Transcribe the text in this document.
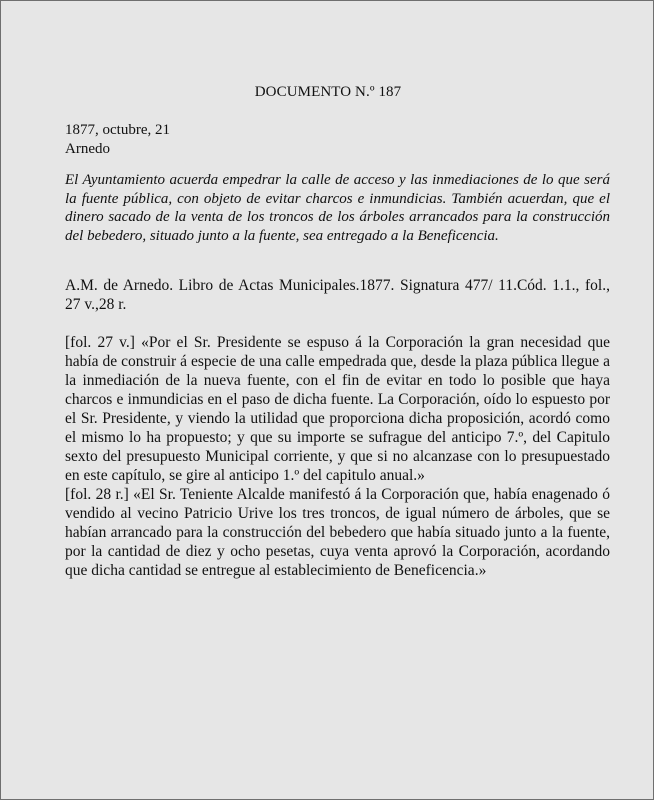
DOCUMENTO N.º 187
1877, octubre, 21
Arnedo
El Ayuntamiento acuerda empedrar la calle de acceso y las inmediaciones de lo que será la fuente pública, con objeto de evitar charcos e inmundicias. También acuerdan, que el dinero sacado de la venta de los troncos de los árboles arrancados para la construcción del bebedero, situado junto a la fuente, sea entregado a la Beneficencia.
A.M. de Arnedo. Libro de Actas Municipales.1877. Signatura 477/ 11.Cód. 1.1., fol., 27 v.,28 r.

[fol. 27 v.] «Por el Sr. Presidente se espuso á la Corporación la gran necesidad que había de construir á especie de una calle empedrada que, desde la plaza pública llegue a la inmediación de la nueva fuente, con el fin de evitar en todo lo posible que haya charcos e inmundicias en el paso de dicha fuente. La Corporación, oído lo espuesto por el Sr. Presidente, y viendo la utilidad que proporciona dicha proposición, acordó como el mismo lo ha propuesto; y que su importe se sufrague del anticipo 7.º, del Capitulo sexto del presupuesto Municipal corriente, y que si no alcanzase con lo presupuestado en este capítulo, se gire al anticipo 1.º del capitulo anual.»

[fol. 28 r.] «El Sr. Teniente Alcalde manifestó á la Corporación que, había enagenado ó vendido al vecino Patricio Urive los tres troncos, de igual número de árboles, que se habían arrancado para la construcción del bebedero que había situado junto a la fuente, por la cantidad de diez y ocho pesetas, cuya venta aprovó la Corporación, acordando que dicha cantidad se entregue al establecimiento de Beneficencia.»
